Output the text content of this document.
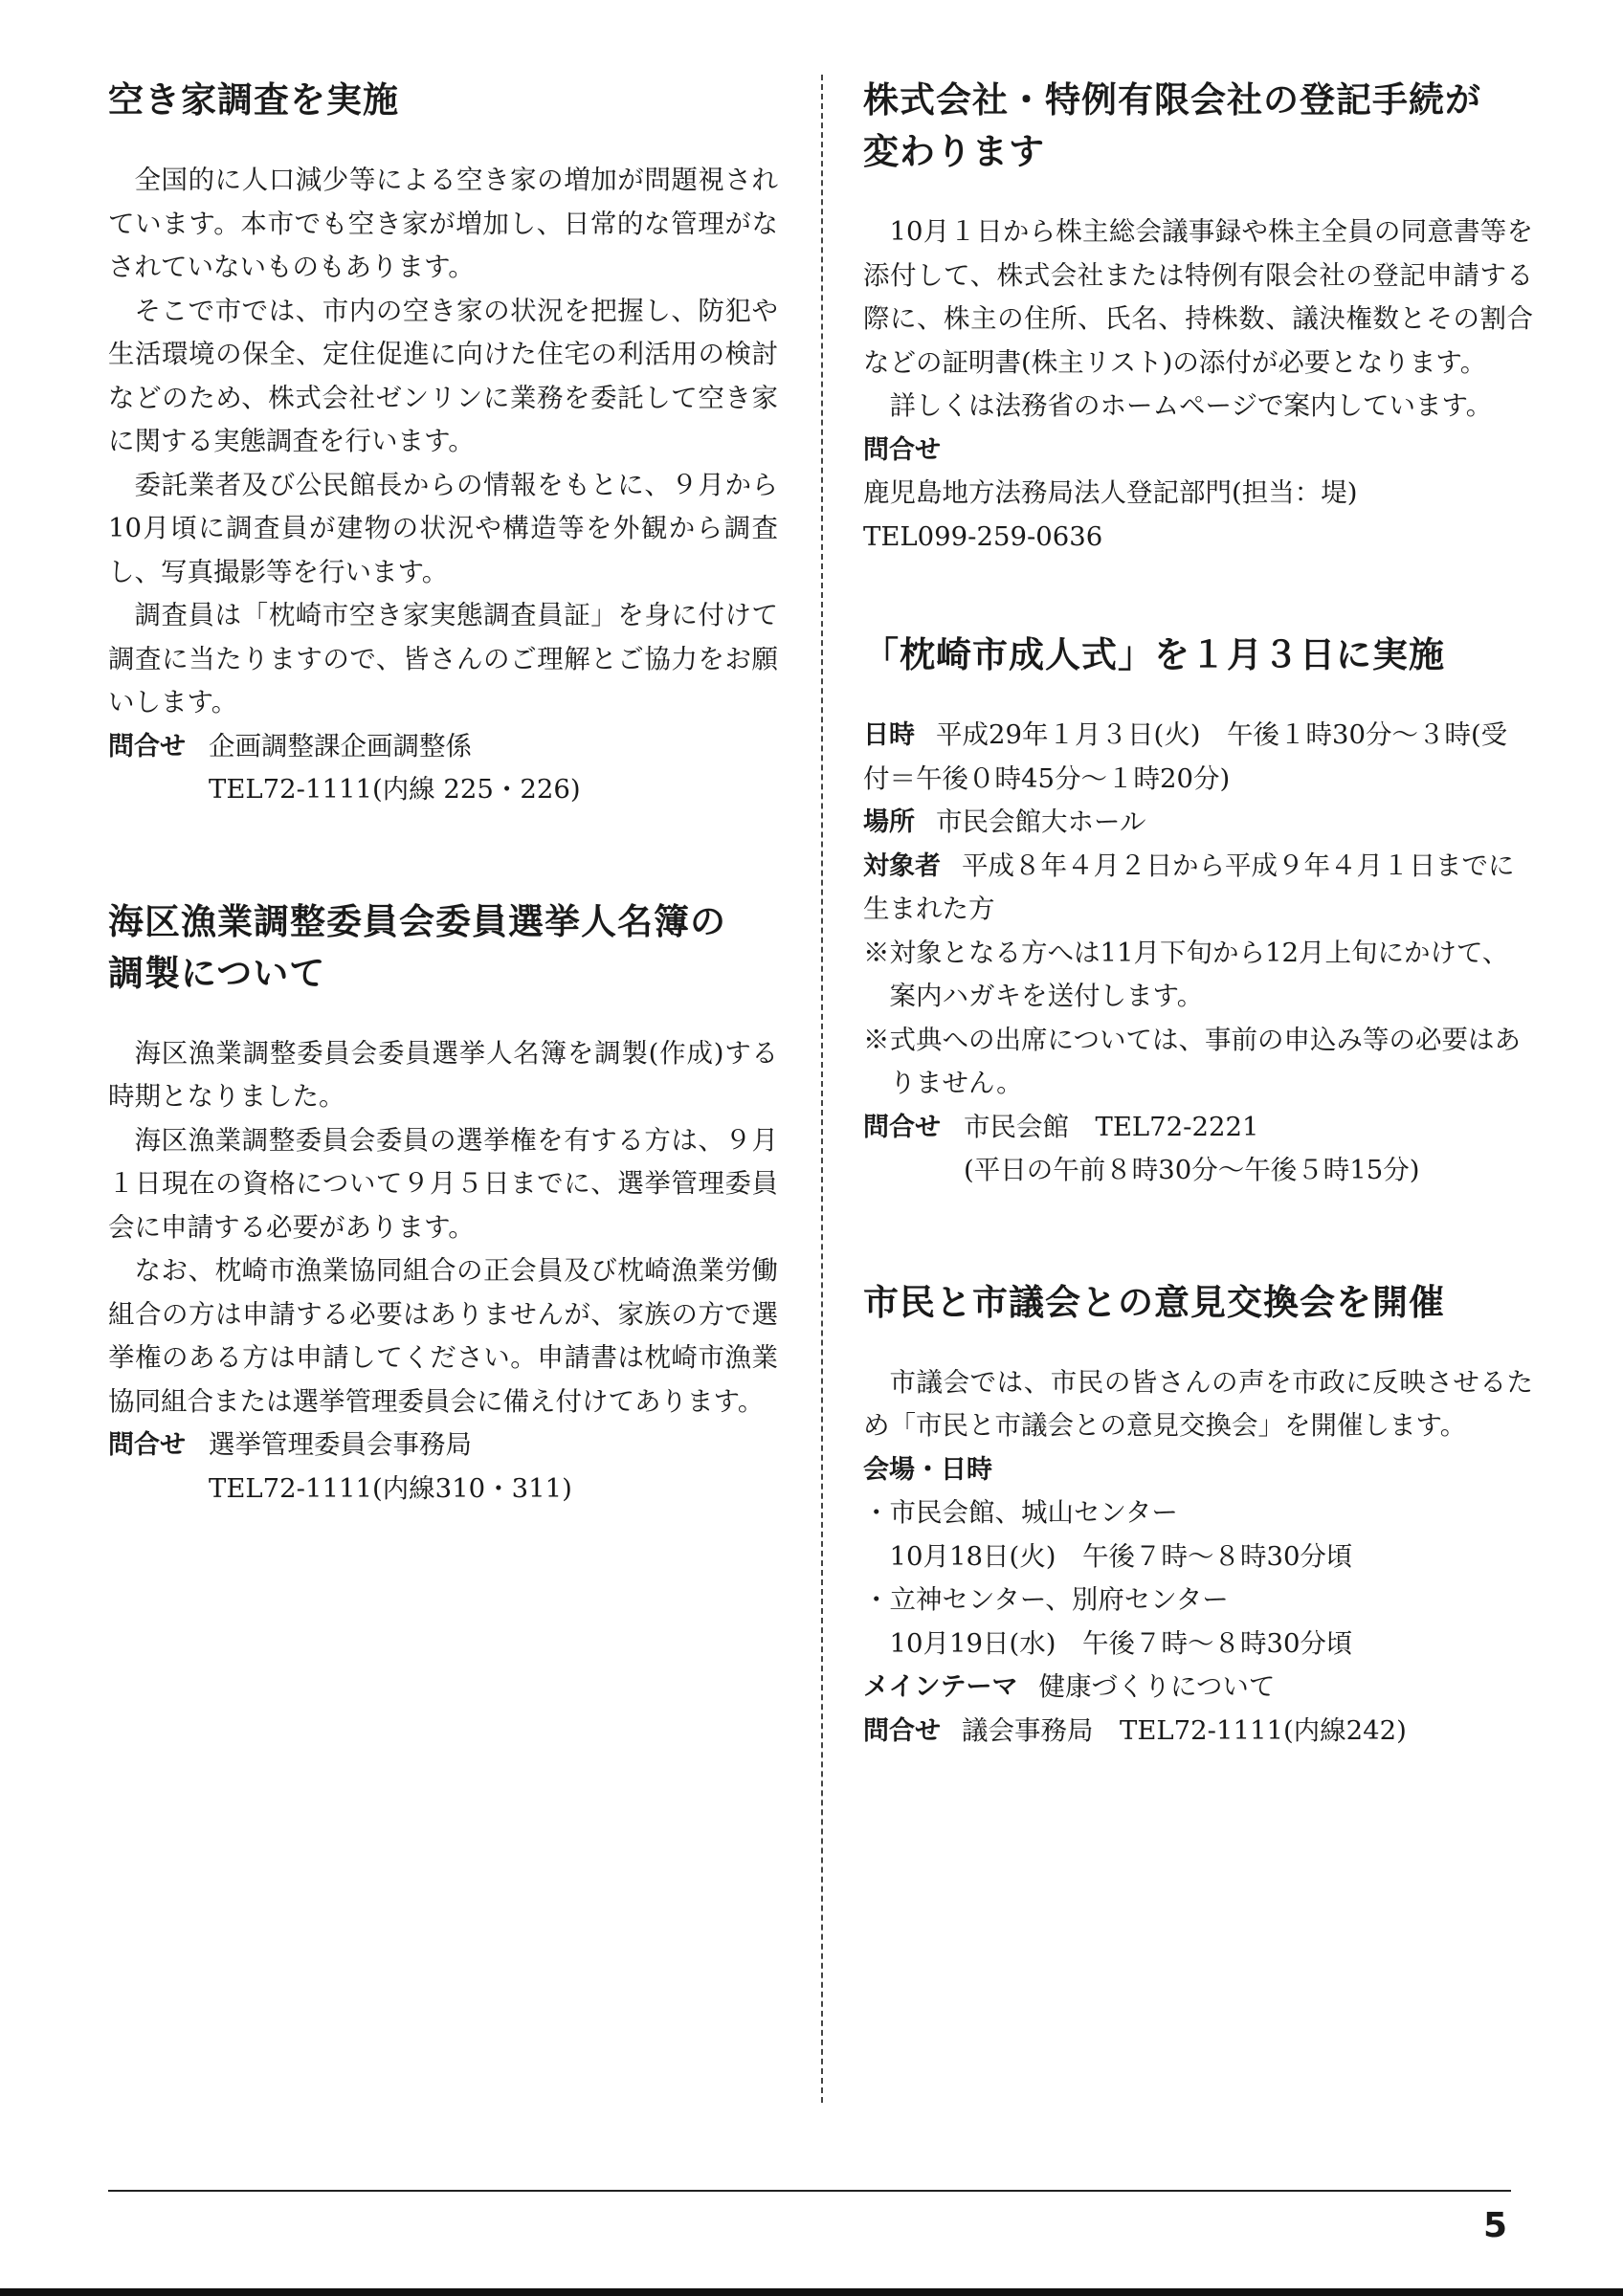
空き家調査を実施

全国的に人口減少等による空き家の増加が問題視されています。本市でも空き家が増加し、日常的な管理がなされていないものもあります。

そこで市では、市内の空き家の状況を把握し、防犯や生活環境の保全、定住促進に向けた住宅の利活用の検討などのため、株式会社ゼンリンに業務を委託して空き家に関する実態調査を行います。

委託業者及び公民館長からの情報をもとに、９月から10月頃に調査員が建物の状況や構造等を外観から調査し、写真撮影等を行います。

調査員は「枕崎市空き家実態調査員証」を身に付けて調査に当たりますので、皆さんのご理解とご協力をお願いします。

問合せ 企画調整課企画調整係
TEL72-1111(内線 225・226)
海区漁業調整委員会委員選挙人名簿の
調製について

海区漁業調整委員会委員選挙人名簿を調製(作成)する時期となりました。

海区漁業調整委員会委員の選挙権を有する方は、９月１日現在の資格について９月５日までに、選挙管理委員会に申請する必要があります。

なお、枕崎市漁業協同組合の正会員及び枕崎漁業労働組合の方は申請する必要はありませんが、家族の方で選挙権のある方は申請してください。申請書は枕崎市漁業協同組合または選挙管理委員会に備え付けてあります。

問合せ 選挙管理委員会事務局
TEL72-1111(内線310・311)
株式会社・特例有限会社の登記手続が
変わります

10月１日から株主総会議事録や株主全員の同意書等を添付して、株式会社または特例有限会社の登記申請する際に、株主の住所、氏名、持株数、議決権数とその割合などの証明書(株主リスト)の添付が必要となります。

詳しくは法務省のホームページで案内しています。

問合せ
鹿児島地方法務局法人登記部門(担当：堤)
TEL099-259-0636
「枕崎市成人式」を１月３日に実施
日時 平成29年１月３日(火)　午後１時30分～３時(受付＝午後０時45分～１時20分)
場所 市民会館大ホール
対象者 平成８年４月２日から平成９年４月１日までに生まれた方
※対象となる方へは11月下旬から12月上旬にかけて、案内ハガキを送付します。
※式典への出席については、事前の申込み等の必要はありません。
問合せ 市民会館　TEL72-2221
(平日の午前８時30分～午後５時15分)
市民と市議会との意見交換会を開催

市議会では、市民の皆さんの声を市政に反映させるため「市民と市議会との意見交換会」を開催します。

会場・日時
・市民会館、城山センター
10月18日(火)　午後７時～８時30分頃
・立神センター、別府センター
10月19日(水)　午後７時～８時30分頃
メインテーマ 健康づくりについて
問合せ 議会事務局　TEL72-1111(内線242)
5
